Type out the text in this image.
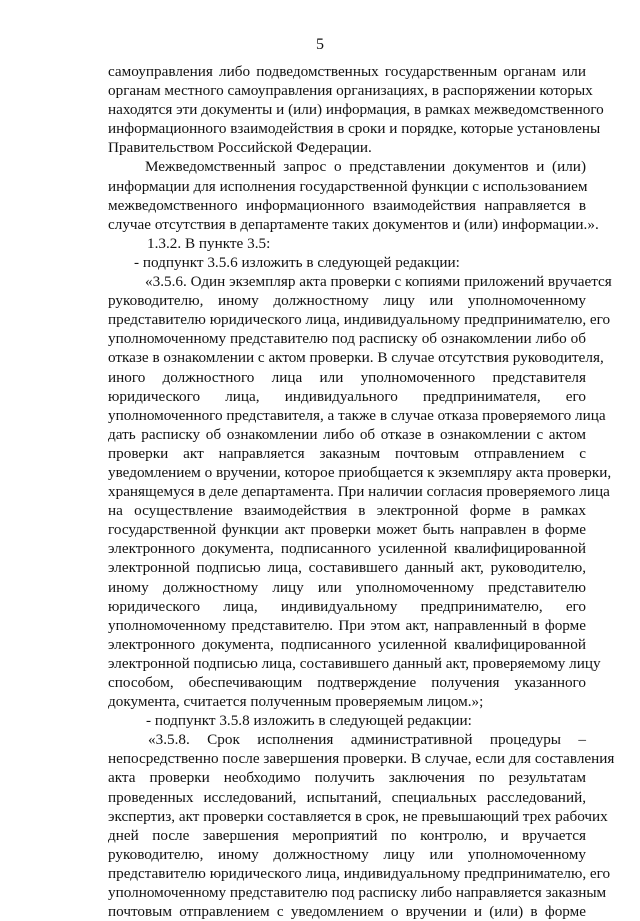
5
самоуправления либо подведомственных государственным органам или
органам местного самоуправления организациях, в распоряжении которых
находятся эти документы и (или) информация, в рамках межведомственного
информационного взаимодействия в сроки и порядке, которые установлены
Правительством Российской Федерации.
Межведомственный запрос о представлении документов и (или)
информации для исполнения государственной функции с использованием
межведомственного информационного взаимодействия направляется в
случае отсутствия в департаменте таких документов и (или) информации.».
1.3.2. В пункте 3.5:
- подпункт 3.5.6 изложить в следующей редакции:
«3.5.6. Один экземпляр акта проверки с копиями приложений вручается
руководителю, иному должностному лицу или уполномоченному
представителю юридического лица, индивидуальному предпринимателю, его
уполномоченному представителю под расписку об ознакомлении либо об
отказе в ознакомлении с актом проверки. В случае отсутствия руководителя,
иного должностного лица или уполномоченного представителя
юридического лица, индивидуального предпринимателя, его
уполномоченного представителя, а также в случае отказа проверяемого лица
дать расписку об ознакомлении либо об отказе в ознакомлении с актом
проверки акт направляется заказным почтовым отправлением с
уведомлением о вручении, которое приобщается к экземпляру акта проверки,
хранящемуся в деле департамента. При наличии согласия проверяемого лица
на осуществление взаимодействия в электронной форме в рамках
государственной функции акт проверки может быть направлен в форме
электронного документа, подписанного усиленной квалифицированной
электронной подписью лица, составившего данный акт, руководителю,
иному должностному лицу или уполномоченному представителю
юридического лица, индивидуальному предпринимателю, его
уполномоченному представителю. При этом акт, направленный в форме
электронного документа, подписанного усиленной квалифицированной
электронной подписью лица, составившего данный акт, проверяемому лицу
способом, обеспечивающим подтверждение получения указанного
документа, считается полученным проверяемым лицом.»;
- подпункт 3.5.8 изложить в следующей редакции:
«3.5.8. Срок исполнения административной процедуры –
непосредственно после завершения проверки. В случае, если для составления
акта проверки необходимо получить заключения по результатам
проведенных исследований, испытаний, специальных расследований,
экспертиз, акт проверки составляется в срок, не превышающий трех рабочих
дней после завершения мероприятий по контролю, и вручается
руководителю, иному должностному лицу или уполномоченному
представителю юридического лица, индивидуальному предпринимателю, его
уполномоченному представителю под расписку либо направляется заказным
почтовым отправлением с уведомлением о вручении и (или) в форме
